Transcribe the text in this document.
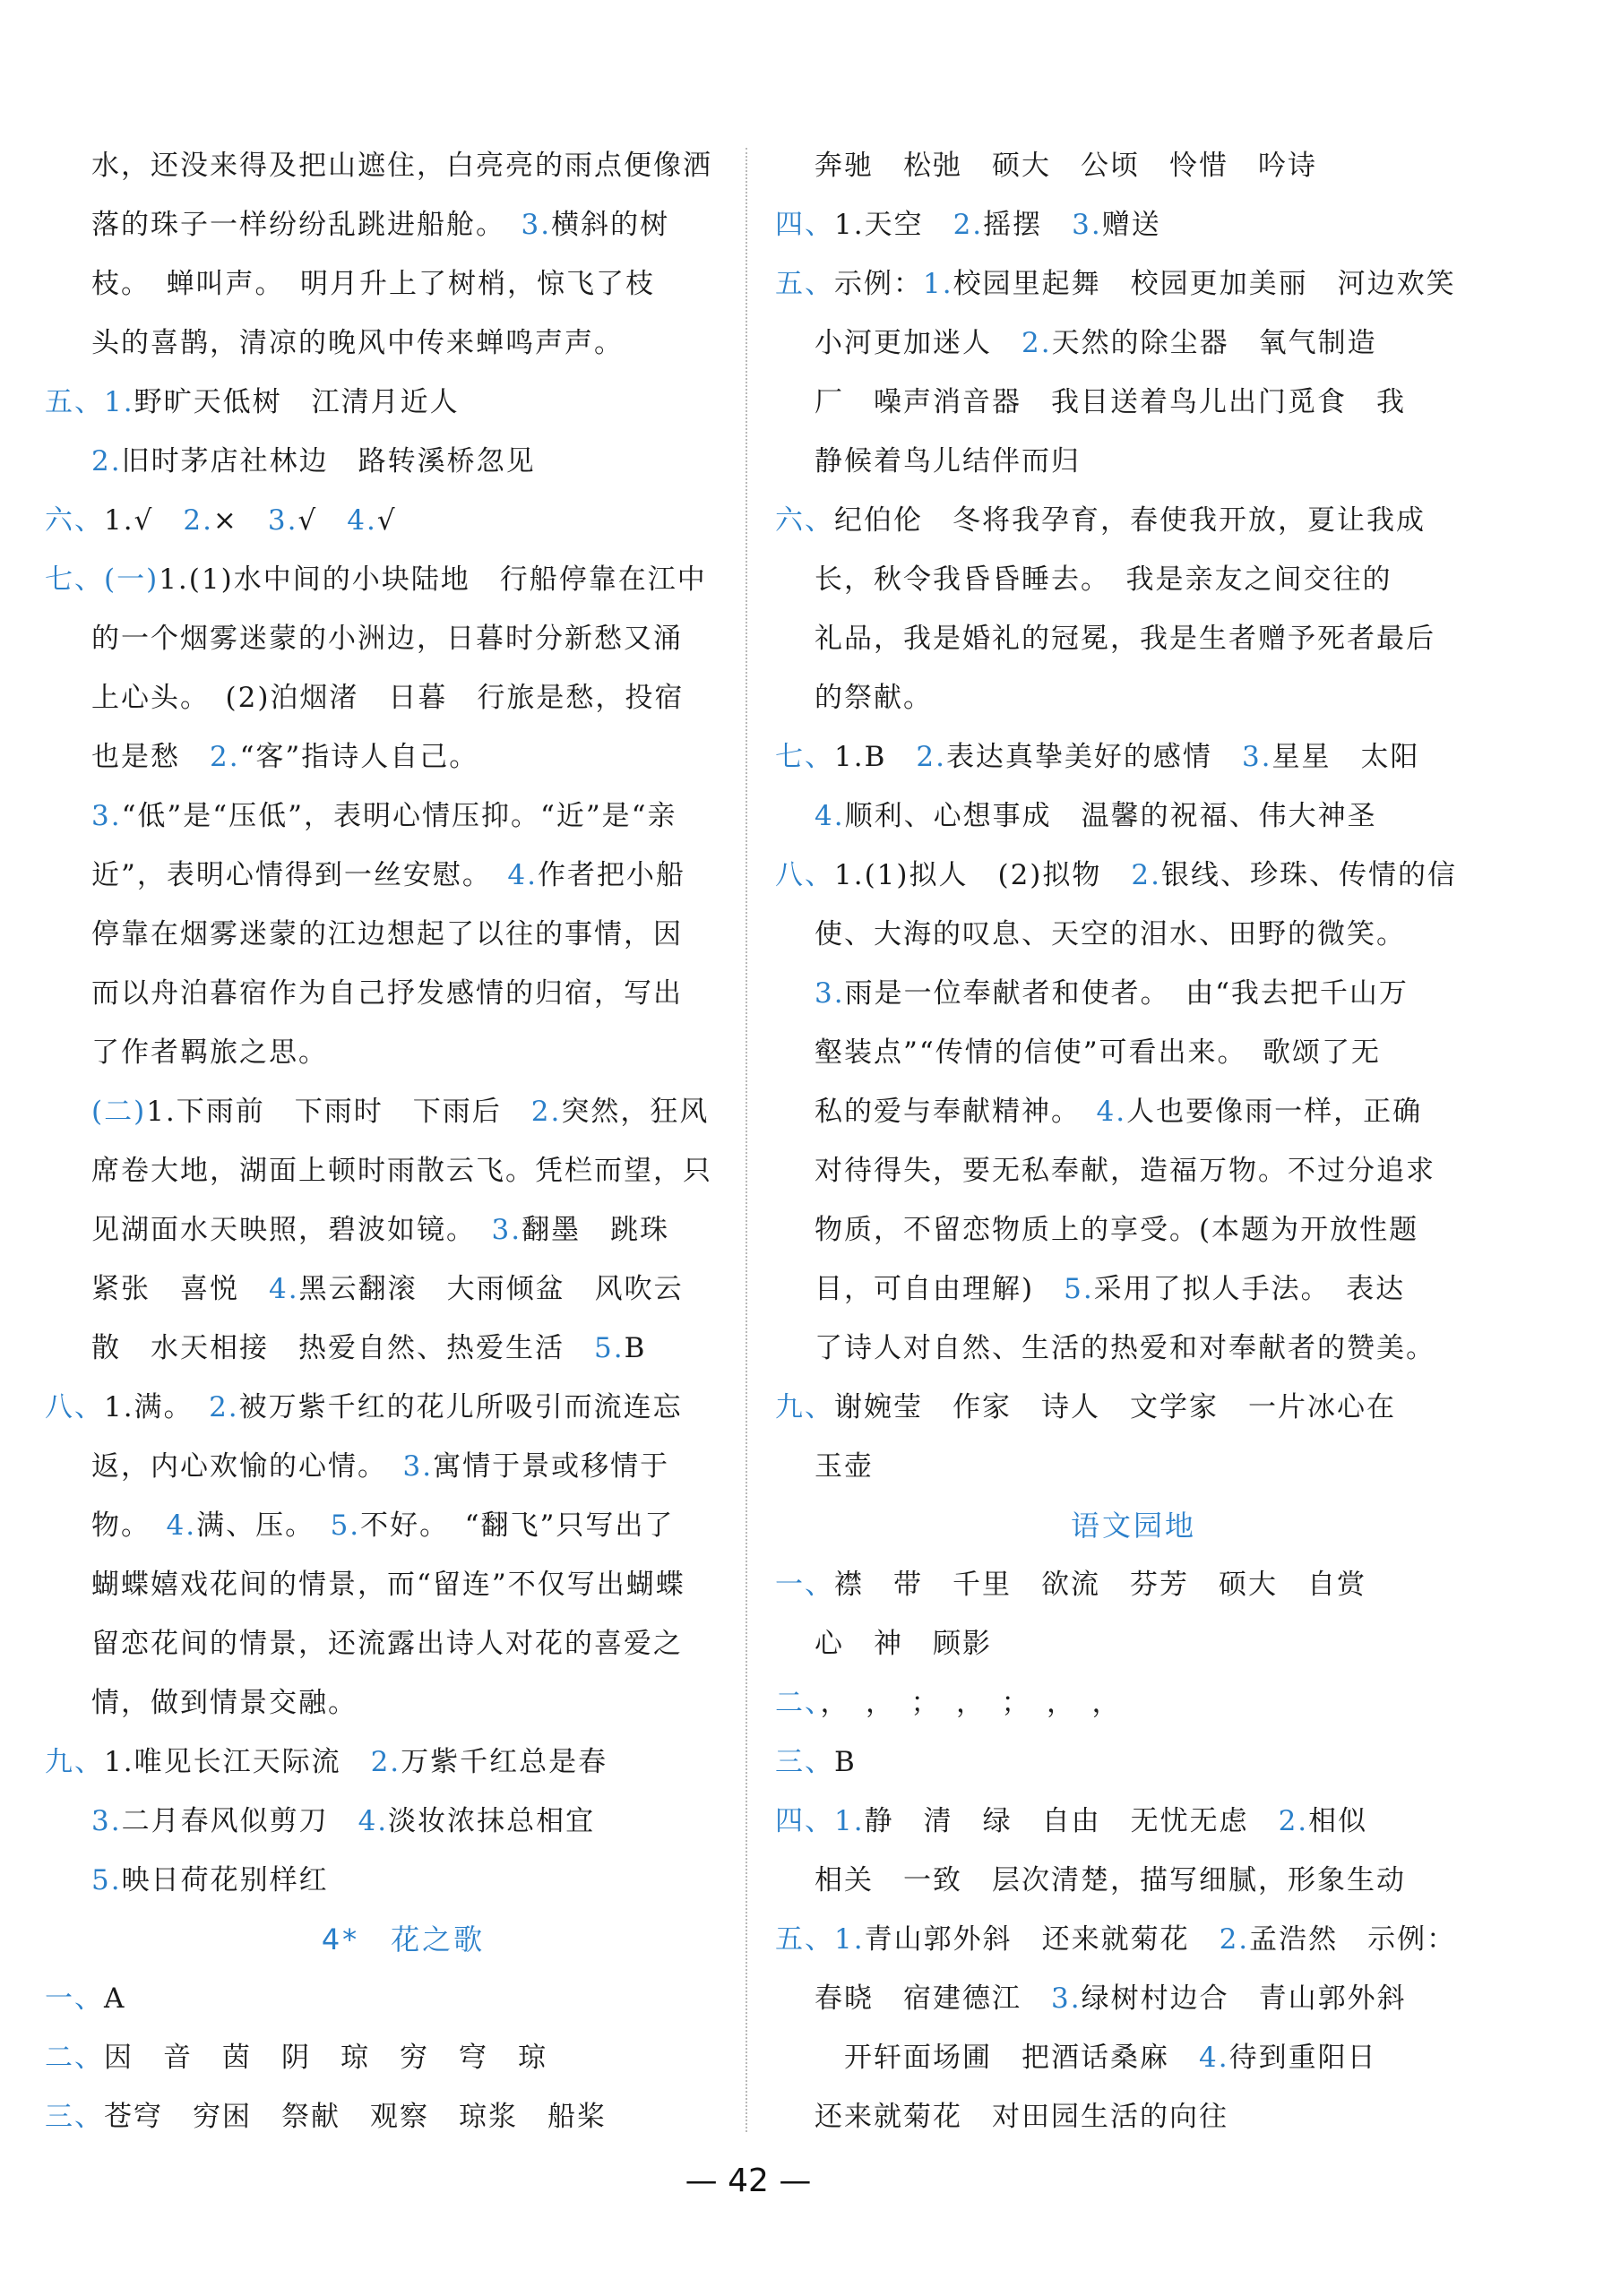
水，还没来得及把山遮住，白亮亮的雨点便像洒
落的珠子一样纷纷乱跳进船舱。　3.横斜的树
枝。　蝉叫声。　明月升上了树梢，惊飞了枝
头的喜鹊，清凉的晚风中传来蝉鸣声声。
五、1.野旷天低树　江清月近人
2.旧时茅店社林边　路转溪桥忽见
六、1.√　2.×　3.√　4.√
七、(一)1.(1)水中间的小块陆地　行船停靠在江中
的一个烟雾迷蒙的小洲边，日暮时分新愁又涌
上心头。　(2)泊烟渚　日暮　行旅是愁，投宿
也是愁　2.“客”指诗人自己。
3.“低”是“压低”，表明心情压抑。“近”是“亲
近”，表明心情得到一丝安慰。　4.作者把小船
停靠在烟雾迷蒙的江边想起了以往的事情，因
而以舟泊暮宿作为自己抒发感情的归宿，写出
了作者羁旅之思。
(二)1.下雨前　下雨时　下雨后　2.突然，狂风
席卷大地，湖面上顿时雨散云飞。凭栏而望，只
见湖面水天映照，碧波如镜。　3.翻墨　跳珠
紧张　喜悦　4.黑云翻滚　大雨倾盆　风吹云
散　水天相接　热爱自然、热爱生活　5.B
八、1.满。　2.被万紫千红的花儿所吸引而流连忘
返，内心欢愉的心情。　3.寓情于景或移情于
物。　4.满、压。　5.不好。　“翻飞”只写出了
蝴蝶嬉戏花间的情景，而“留连”不仅写出蝴蝶
留恋花间的情景，还流露出诗人对花的喜爱之
情，做到情景交融。
九、1.唯见长江天际流　2.万紫千红总是春
3.二月春风似剪刀　4.淡妆浓抹总相宜
5.映日荷花别样红
4*　花之歌
一、A
二、因　音　茵　阴　琼　穷　穹　琼
三、苍穹　穷困　祭献　观察　琼浆　船桨
奔驰　松弛　硕大　公顷　怜惜　吟诗
四、1.天空　2.摇摆　3.赠送
五、示例：1.校园里起舞　校园更加美丽　河边欢笑
小河更加迷人　2.天然的除尘器　氧气制造
厂　噪声消音器　我目送着鸟儿出门觅食　我
静候着鸟儿结伴而归
六、纪伯伦　冬将我孕育，春使我开放，夏让我成
长，秋令我昏昏睡去。　我是亲友之间交往的
礼品，我是婚礼的冠冕，我是生者赠予死者最后
的祭献。
七、1.B　2.表达真挚美好的感情　3.星星　太阳
4.顺利、心想事成　温馨的祝福、伟大神圣
八、1.(1)拟人　(2)拟物　2.银线、珍珠、传情的信
使、大海的叹息、天空的泪水、田野的微笑。
3.雨是一位奉献者和使者。　由“我去把千山万
壑装点”“传情的信使”可看出来。　歌颂了无
私的爱与奉献精神。　4.人也要像雨一样，正确
对待得失，要无私奉献，造福万物。不过分追求
物质，不留恋物质上的享受。(本题为开放性题
目，可自由理解)　5.采用了拟人手法。　表达
了诗人对自然、生活的热爱和对奉献者的赞美。
九、谢婉莹　作家　诗人　文学家　一片冰心在
玉壶
语文园地
一、襟　带　千里　欲流　芬芳　硕大　自赏
心　神　顾影
二、，　，　；　，　；　，　，
三、B
四、1.静　清　绿　自由　无忧无虑　2.相似
相关　一致　层次清楚，描写细腻，形象生动
五、1.青山郭外斜　还来就菊花　2.孟浩然　示例：
春晓　宿建德江　3.绿树村边合　青山郭外斜
　开轩面场圃　把酒话桑麻　4.待到重阳日
还来就菊花　对田园生活的向往
— 42 —
